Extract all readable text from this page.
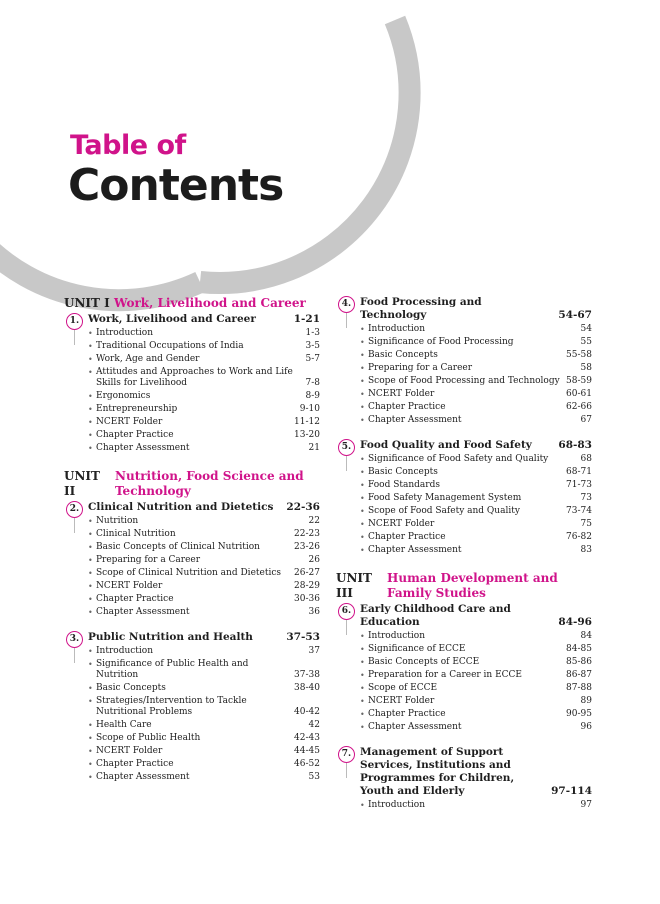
Table of
Contents
UNIT I Work, Livelihood and Career
1. Work, Livelihood and Career	1-21
• Introduction	1-3
• Traditional Occupations of India	3-5
• Work, Age and Gender	5-7
• Attitudes and Approaches to Work and Life Skills for Livelihood	7-8
• Ergonomics	8-9
• Entrepreneurship	9-10
• NCERT Folder	11-12
• Chapter Practice	13-20
• Chapter Assessment	21
UNIT II
Nutrition, Food Science and Technology
2. Clinical Nutrition and Dietetics	22-36
• Nutrition	22
• Clinical Nutrition	22-23
• Basic Concepts of Clinical Nutrition	23-26
• Preparing for a Career	26
• Scope of Clinical Nutrition and Dietetics	26-27
• NCERT Folder	28-29
• Chapter Practice	30-36
• Chapter Assessment	36
3. Public Nutrition and Health	37-53
• Introduction	37
• Significance of Public Health and Nutrition	37-38
• Basic Concepts	38-40
• Strategies/Intervention to Tackle Nutritional Problems	40-42
• Health Care	42
• Scope of Public Health	42-43
• NCERT Folder	44-45
• Chapter Practice	46-52
• Chapter Assessment	53
4. Food Processing and Technology	54-67
• Introduction	54
• Significance of Food Processing	55
• Basic Concepts	55-58
• Preparing for a Career	58
• Scope of Food Processing and Technology 58-59
• NCERT Folder	60-61
• Chapter Practice	62-66
• Chapter Assessment	67
5. Food Quality and Food Safety	68-83
• Significance of Food Safety and Quality	68
• Basic Concepts	68-71
• Food Standards	71-73
• Food Safety Management System	73
• Scope of Food Safety and Quality	73-74
• NCERT Folder	75
• Chapter Practice	76-82
• Chapter Assessment	83
UNIT III
Human Development and Family Studies
6. Early Childhood Care and Education	84-96
• Introduction	84
• Significance of ECCE	84-85
• Basic Concepts of ECCE	85-86
• Preparation for a Career in ECCE	86-87
• Scope of ECCE	87-88
• NCERT Folder	89
• Chapter Practice	90-95
• Chapter Assessment	96
7. Management of Support Services, Institutions and Programmes for Children, Youth and Elderly	97-114
• Introduction	97
